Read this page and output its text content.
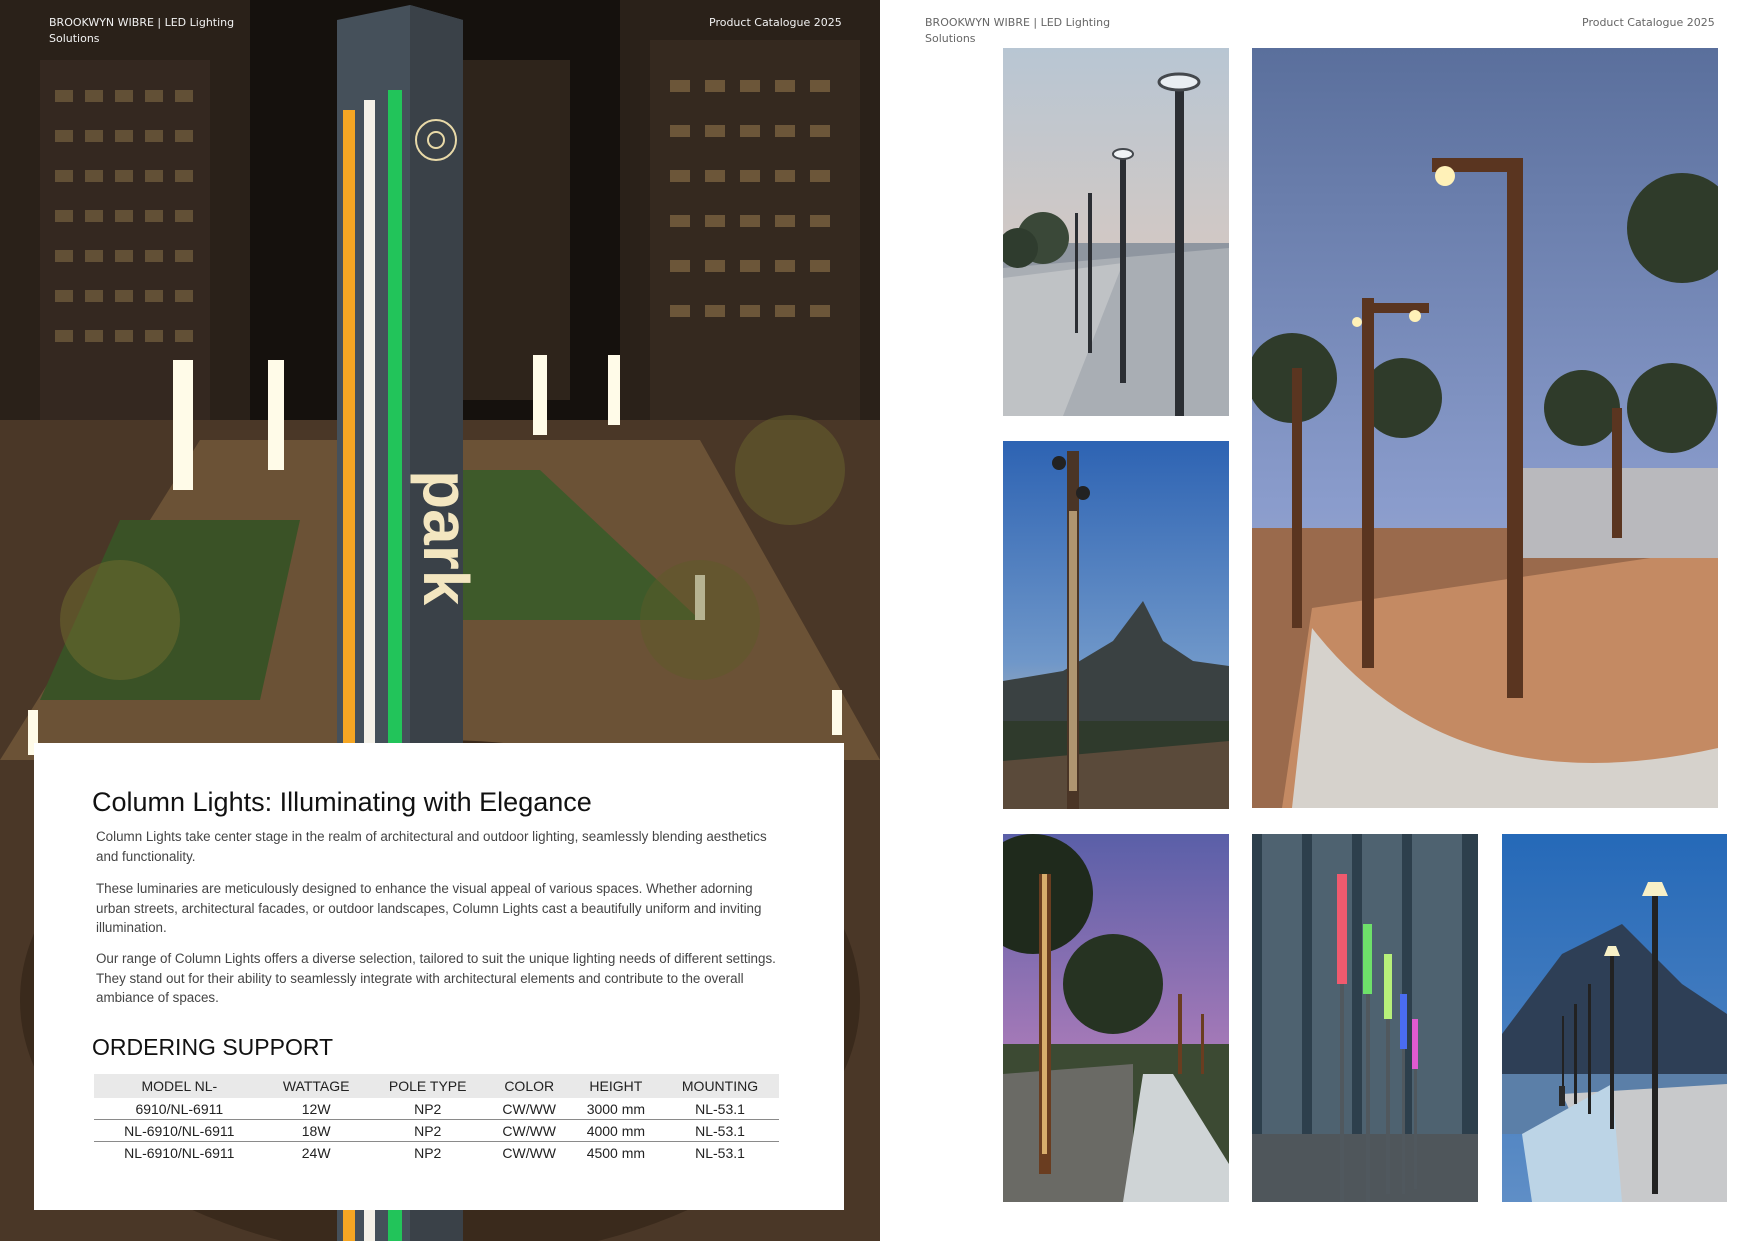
park
BROOKWYN WIBRE | LED Lighting Solutions
Product Catalogue 2025
Column Lights: Illuminating with Elegance

Column Lights take center stage in the realm of architectural and outdoor lighting, seamlessly blending aesthetics and functionality.

These luminaries are meticulously designed to enhance the visual appeal of various spaces. Whether adorning urban streets, architectural facades, or outdoor landscapes, Column Lights cast a beautifully uniform and inviting illumination.

Our range of Column Lights offers a diverse selection, tailored to suit the unique lighting needs of different settings. They stand out for their ability to seamlessly integrate with architectural elements and contribute to the overall ambiance of spaces.

ORDERING SUPPORT
MODEL NL-	WATTAGE	POLE TYPE	COLOR	HEIGHT	MOUNTING
6910/NL-6911	12W	NP2	CW/WW	3000 mm	NL-53.1
NL-6910/NL-6911	18W	NP2	CW/WW	4000 mm	NL-53.1
NL-6910/NL-6911	24W	NP2	CW/WW	4500 mm	NL-53.1
BROOKWYN WIBRE | LED Lighting Solutions
Product Catalogue 2025
